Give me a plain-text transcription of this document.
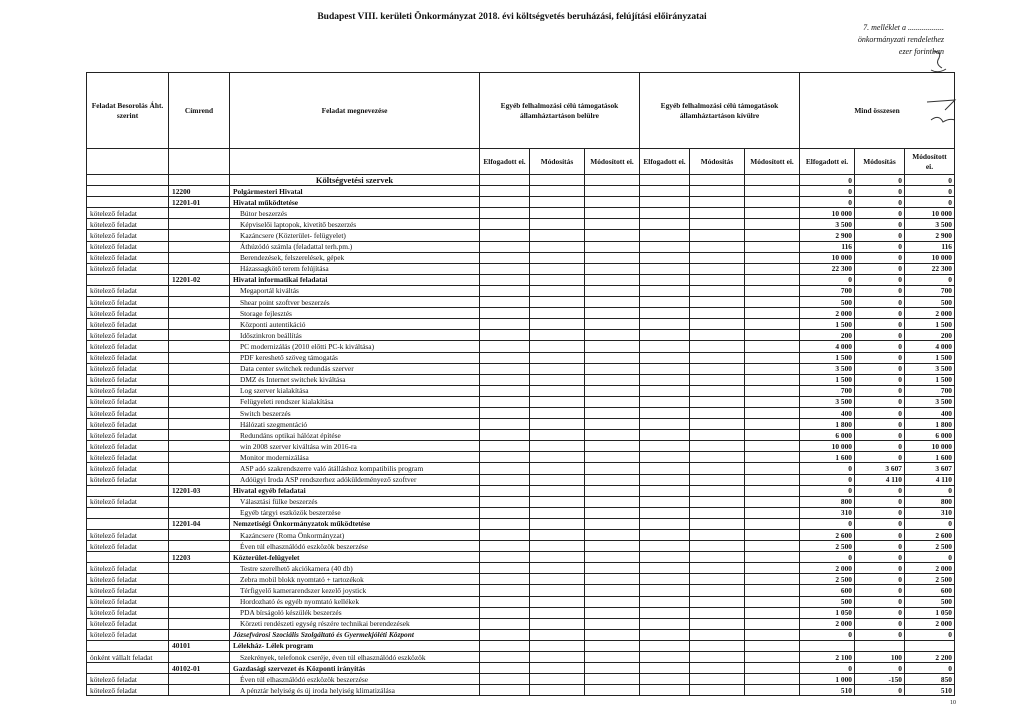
Budapest VIII. kerületi Önkormányzat 2018. évi költségvetés beruházási, felújítási előirányzatai
7. melléklet a ..................
önkormányzati rendelethez
ezer forintban
Feladat Besorolás Áht. szerint	Címrend	Feladat megnevezése	Egyéb felhalmozási célú támogatások államháztartáson belülre			Egyéb felhalmozási célú támogatások államháztartáson kívülre			Mind összesen		
			Elfogadott ei.	Módosítás	Módosított ei.	Elfogadott ei.	Módosítás	Módosított ei.	Elfogadott ei.	Módosítás	Módosított ei.
		Költségvetési szervek							0	0	0
	12200	Polgármesteri Hivatal							0	0	0
	12201-01	Hivatal működtetése							0	0	0
kötelező feladat		Bútor beszerzés							10 000	0	10 000
kötelező feladat		Képviselői laptopok, kivetítő beszerzés							3 500	0	3 500
kötelező feladat		Kazáncsere (Közterület- felügyelet)							2 900	0	2 900
kötelező feladat		Áthúzódó számla (feladattal terh.pm.)							116	0	116
kötelező feladat		Berendezések, felszerelések, gépek							10 000	0	10 000
kötelező feladat		Házassagkötő terem felújítása							22 300	0	22 300
	12201-02	Hivatal informatikai feladatai							0	0	0
kötelező feladat		Megaportál kiváltás							700	0	700
kötelező feladat		Shear point szoftver beszerzés							500	0	500
kötelező feladat		Storage fejlesztés							2 000	0	2 000
kötelező feladat		Központi autentikáció							1 500	0	1 500
kötelező feladat		Időszinkron beállítás							200	0	200
kötelező feladat		PC modernizálás (2010 előtti PC-k kiváltása)							4 000	0	4 000
kötelező feladat		PDF kereshető szöveg támogatás							1 500	0	1 500
kötelező feladat		Data center switchek redundás szerver							3 500	0	3 500
kötelező feladat		DMZ és Internet switchek kiváltása							1 500	0	1 500
kötelező feladat		Log szerver kialakítása							700	0	700
kötelező feladat		Felügyeleti rendszer kialakítása							3 500	0	3 500
kötelező feladat		Switch beszerzés							400	0	400
kötelező feladat		Hálózati szegmentáció							1 800	0	1 800
kötelező feladat		Redundáns optikai hálózat építése							6 000	0	6 000
kötelező feladat		win 2008 szerver kiváltása win 2016-ra							10 000	0	10 000
kötelező feladat		Monitor modernizálása							1 600	0	1 600
kötelező feladat		ASP adó szakrendszerre való átálláshoz kompatibilis program							0	3 607	3 607
kötelező feladat		Adóügyi Iroda ASP rendszerhez adóküldeményező szoftver							0	4 110	4 110
	12201-03	Hivatal egyéb feladatai							0	0	0
kötelező feladat		Választási fülke beszerzés							800	0	800
		Egyéb tárgyi eszközök beszerzése							310	0	310
	12201-04	Nemzetiségi Önkormányzatok működtetése							0	0	0
kötelező feladat		Kazáncsere (Roma Önkormányzat)							2 600	0	2 600
kötelező feladat		Éven túl elhasználódó eszközök beszerzése							2 500	0	2 500
	12203	Közterület-felügyelet							0	0	0
kötelező feladat		Testre szerelhető akciókamera (40 db)							2 000	0	2 000
kötelező feladat		Zebra mobil blokk nyomtató + tartozékok							2 500	0	2 500
kötelező feladat		Térfigyelő kamerarendszer kezelő joystick							600	0	600
kötelező feladat		Hordozható és egyéb nyomtató kellékek							500	0	500
kötelező feladat		PDA bírságoló készülék beszerzés							1 050	0	1 050
kötelező feladat		Körzeti rendészeti egység részére technikai berendezések							2 000	0	2 000
kötelező feladat		Józsefvárosi Szociális Szolgáltató és Gyermekjóléti Központ							0	0	0
	40101	Lélekház- Lélek program									
önként vállalt feladat		Szekrények, telefonok cseréje, éven túl elhasználódó eszközök							2 100	100	2 200
	40102-01	Gazdasági szervezet és Központi irányítás							0	0	0
kötelező feladat		Éven túl elhasználódó eszközök beszerzése							1 000	-150	850
kötelező feladat		A pénztár helyiség és új iroda helyiség klimatizálása							510	0	510
10
